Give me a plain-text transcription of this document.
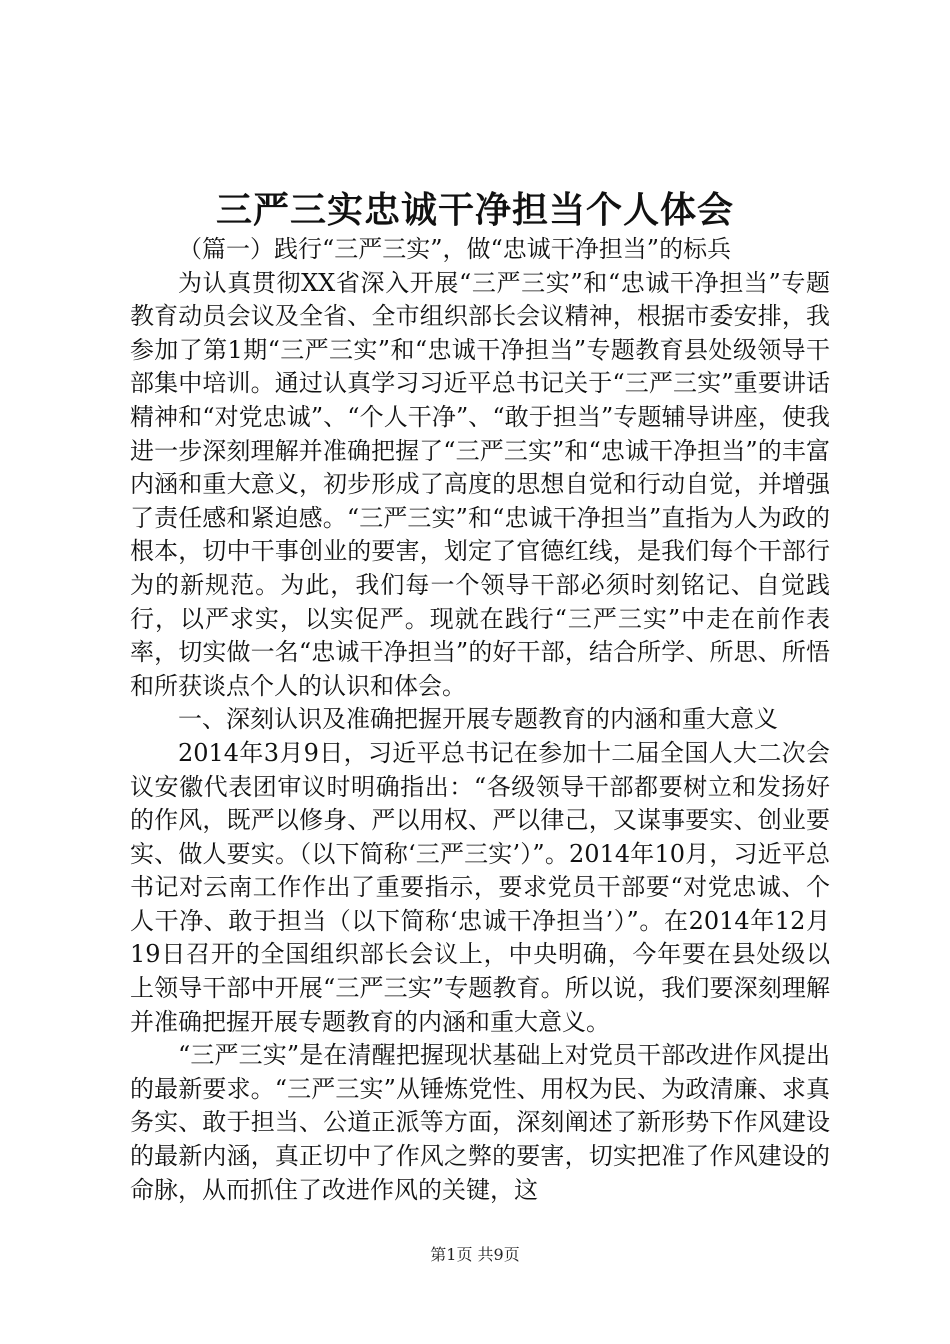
三严三实忠诚干净担当个人体会

（篇一）践行“三严三实”，做“忠诚干净担当”的标兵

为认真贯彻XX省深入开展“三严三实”和“忠诚干净担当”专题教育动员会议及全省、全市组织部长会议精神，根据市委安排，我参加了第1期“三严三实”和“忠诚干净担当”专题教育县处级领导干部集中培训。通过认真学习习近平总书记关于“三严三实”重要讲话精神和“对党忠诚”、“个人干净”、“敢于担当”专题辅导讲座，使我进一步深刻理解并准确把握了“三严三实”和“忠诚干净担当”的丰富内涵和重大意义，初步形成了高度的思想自觉和行动自觉，并增强了责任感和紧迫感。“三严三实”和“忠诚干净担当”直指为人为政的根本，切中干事创业的要害，划定了官德红线，是我们每个干部行为的新规范。为此，我们每一个领导干部必须时刻铭记、自觉践行，以严求实，以实促严。现就在践行“三严三实”中走在前作表率，切实做一名“忠诚干净担当”的好干部，结合所学、所思、所悟和所获谈点个人的认识和体会。

一、深刻认识及准确把握开展专题教育的内涵和重大意义

2014年3月9日，习近平总书记在参加十二届全国人大二次会议安徽代表团审议时明确指出：“各级领导干部都要树立和发扬好的作风，既严以修身、严以用权、严以律己，又谋事要实、创业要实、做人要实。（以下简称‘三严三实’）”。2014年10月，习近平总书记对云南工作作出了重要指示，要求党员干部要“对党忠诚、个人干净、敢于担当（以下简称‘忠诚干净担当’）”。在2014年12月19日召开的全国组织部长会议上，中央明确，今年要在县处级以上领导干部中开展“三严三实”专题教育。所以说，我们要深刻理解并准确把握开展专题教育的内涵和重大意义。

“三严三实”是在清醒把握现状基础上对党员干部改进作风提出的最新要求。“三严三实”从锤炼党性、用权为民、为政清廉、求真务实、敢于担当、公道正派等方面，深刻阐述了新形势下作风建设的最新内涵，真正切中了作风之弊的要害，切实把准了作风建设的命脉，从而抓住了改进作风的关键，这

第1页 共9页
